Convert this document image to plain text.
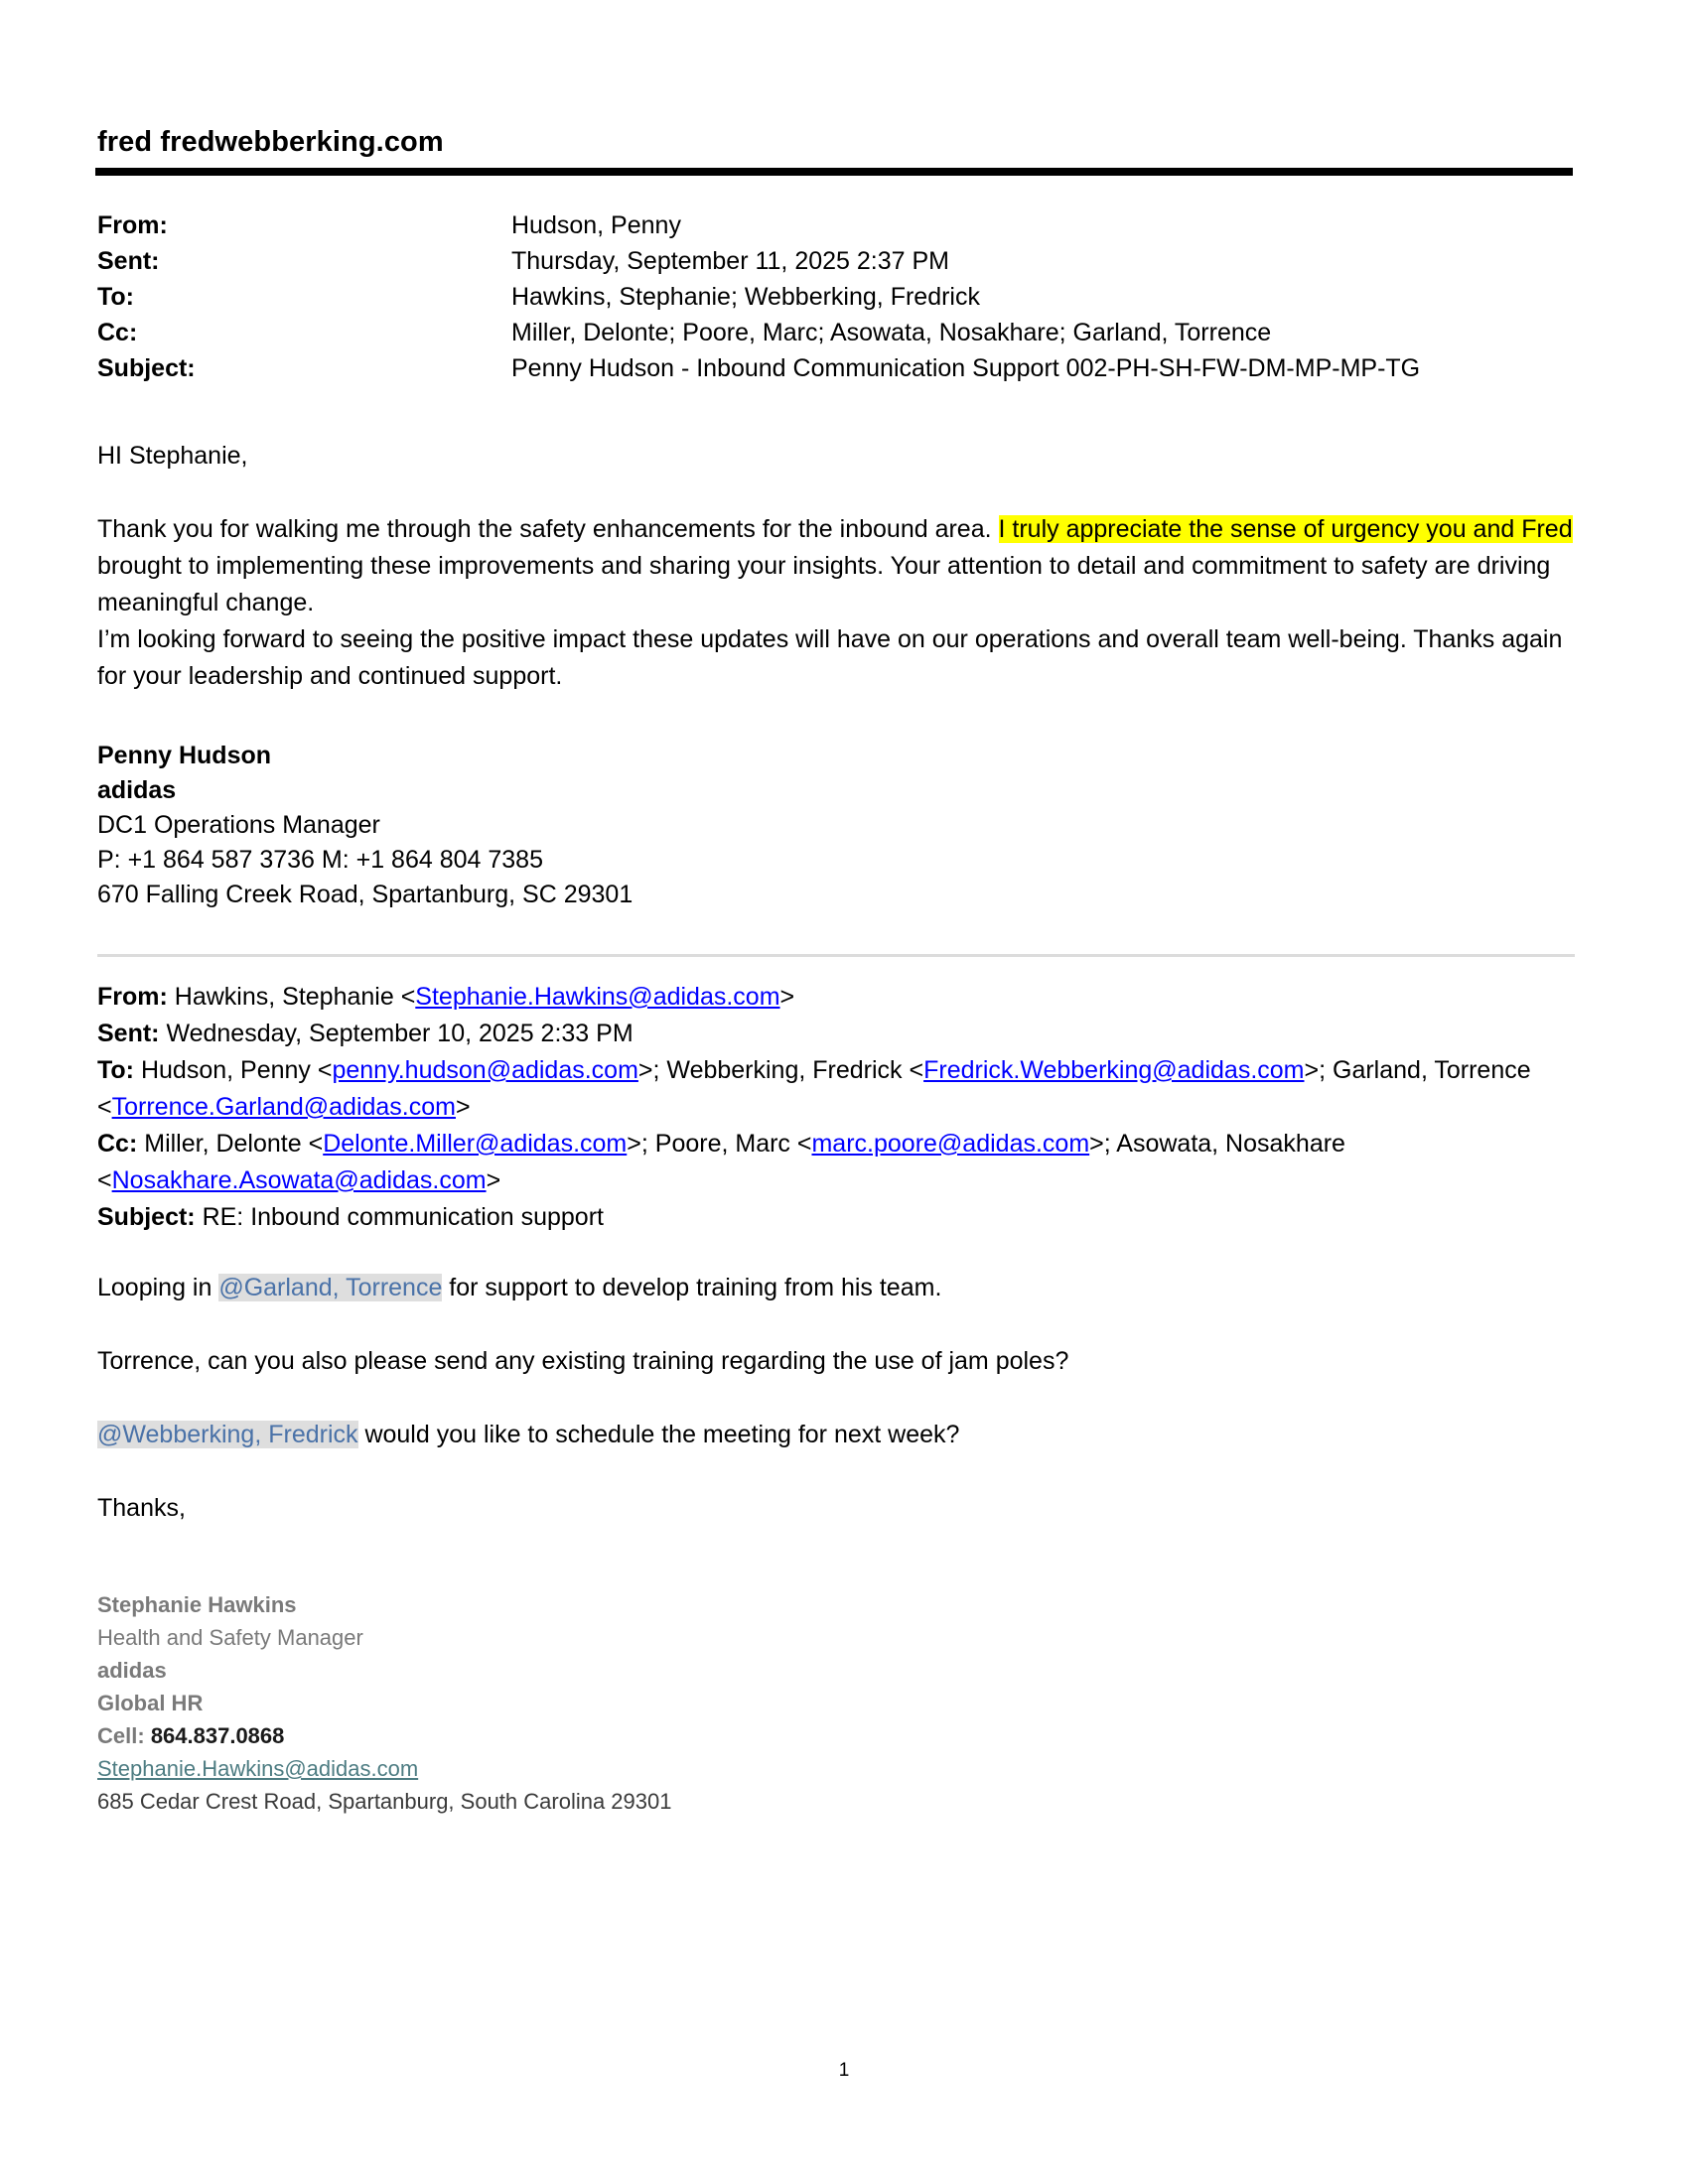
fred fredwebberking.com
From:	Hudson, Penny
Sent:	Thursday, September 11, 2025 2:37 PM
To:	Hawkins, Stephanie; Webberking, Fredrick
Cc:	Miller, Delonte; Poore, Marc; Asowata, Nosakhare; Garland, Torrence
Subject:	Penny Hudson - Inbound Communication Support 002-PH-SH-FW-DM-MP-MP-TG

HI Stephanie,

Thank you for walking me through the safety enhancements for the inbound area. I truly appreciate the sense of urgency you and Fred brought to implementing these improvements and sharing your insights. Your attention to detail and commitment to safety are driving meaningful change.

I’m looking forward to seeing the positive impact these updates will have on our operations and overall team well-being. Thanks again for your leadership and continued support.

Penny Hudson
adidas
DC1 Operations Manager
P: +1 864 587 3736 M: +1 864 804 7385
670 Falling Creek Road, Spartanburg, SC 29301
From: Hawkins, Stephanie <Stephanie.Hawkins@adidas.com>
Sent: Wednesday, September 10, 2025 2:33 PM
To: Hudson, Penny <penny.hudson@adidas.com>; Webberking, Fredrick <Fredrick.Webberking@adidas.com>; Garland, Torrence <Torrence.Garland@adidas.com>
Cc: Miller, Delonte <Delonte.Miller@adidas.com>; Poore, Marc <marc.poore@adidas.com>; Asowata, Nosakhare <Nosakhare.Asowata@adidas.com>
Subject: RE: Inbound communication support

Looping in @Garland, Torrence for support to develop training from his team.

Torrence, can you also please send any existing training regarding the use of jam poles?

@Webberking, Fredrick would you like to schedule the meeting for next week?

Thanks,

Stephanie Hawkins
Health and Safety Manager
adidas
Global HR
Cell: 864.837.0868
Stephanie.Hawkins@adidas.com
685 Cedar Crest Road, Spartanburg, South Carolina 29301
1
